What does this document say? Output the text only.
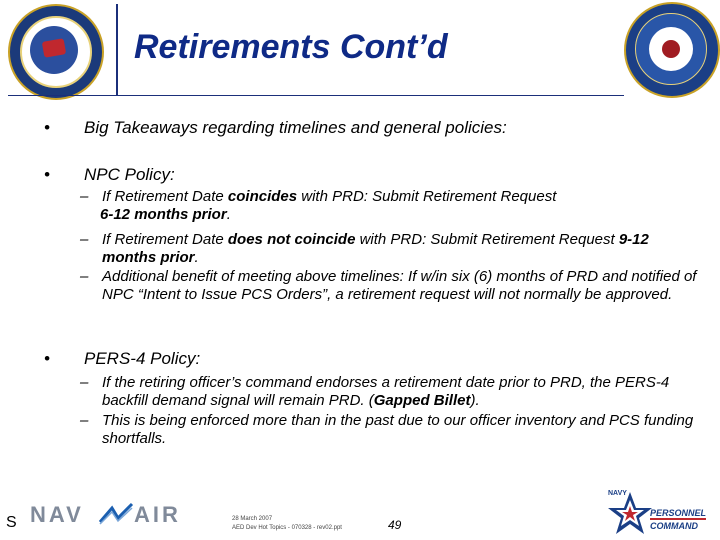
Retirements Cont’d
• Big Takeaways regarding timelines and general policies:
• NPC Policy:
– If Retirement Date coincides with PRD: Submit Retirement Request
6-12 months prior.
– If Retirement Date does not coincide with PRD: Submit Retirement Request 9-12 months prior.
– Additional benefit of meeting above timelines: If w/in six (6) months of PRD and notified of NPC “Intent to Issue PCS Orders”, a retirement request will not normally be approved.
• PERS-4 Policy:
– If the retiring officer’s command endorses a retirement date prior to PRD, the PERS-4 backfill demand signal will remain PRD. (Gapped Billet).
– This is being enforced more than in the past due to our officer inventory and PCS funding shortfalls.
S NAV AIR	28 March 2007
AED Dev Hot Topics - 070328 - rev02.ppt	49
NAVY
PERSONNEL
COMMAND
